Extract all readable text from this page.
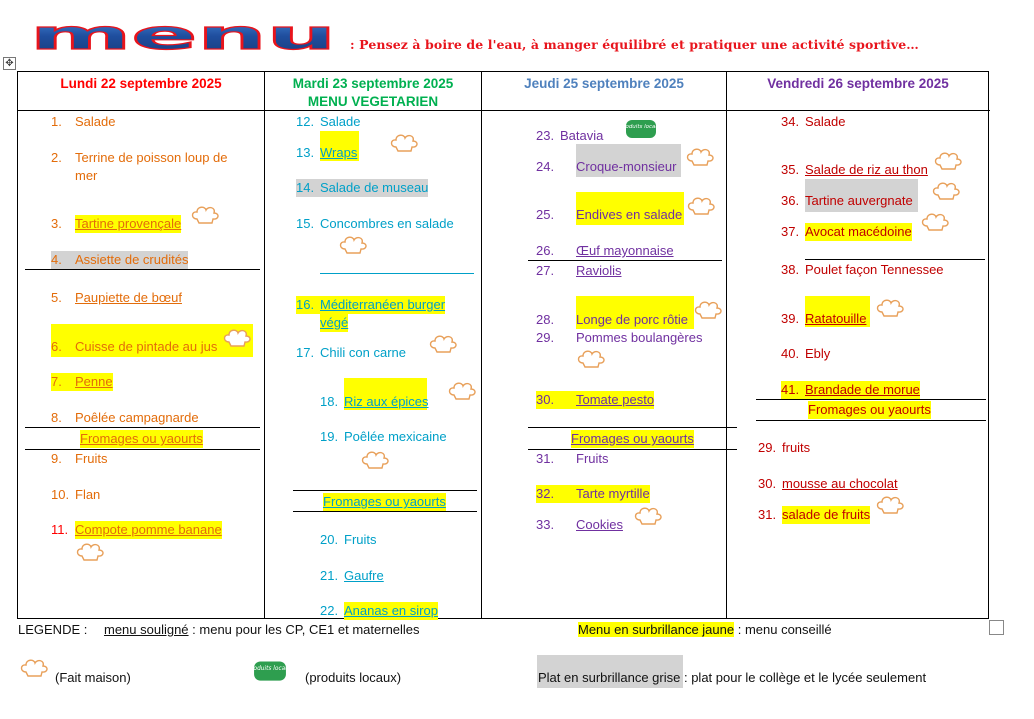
menu : Pensez à boire de l'eau, à manger équilibré et pratiquer une activité sportive…
✥
Lundi 22 septembre 2025
1. Salade
2. Terrine de poisson loup de
mer
3. Tartine provençale
4. Assiette de crudités
5. Paupiette de bœuf
6. Cuisse de pintade au jus
7. Penne
8. Poêlée campagnarde
Fromages ou yaourts
9. Fruits
10. Flan
11. Compote pomme banane
Mardi 23 septembre 2025
MENU VEGETARIEN
12. Salade
13. Wraps
14. Salade de museau
15. Concombres en salade
16. Méditerranéen burger
végé
17. Chili con carne
18. Riz aux épices
19. Poêlée mexicaine
Fromages ou yaourts
20. Fruits
21. Gaufre
22. Ananas en sirop
Jeudi 25 septembre 2025
23. Batavia
Produits locaux
24. Croque-monsieur
25. Endives en salade
26. Œuf mayonnaise
27. Raviolis
28. Longe de porc rôtie
29. Pommes boulangères
30. Tomate pesto
Fromages ou yaourts
31. Fruits
32. Tarte myrtille
33. Cookies
Vendredi 26 septembre 2025
34. Salade
35. Salade de riz au thon
36. Tartine auvergnate
37. Avocat macédoine
38. Poulet façon Tennessee
39. Ratatouille
40. Ebly
41. Brandade de morue
Fromages ou yaourts
29. fruits
30. mousse au chocolat
31. salade de fruits
LEGENDE : menu souligné : menu pour les CP, CE1 et maternelles	Menu en surbrillance jaune : menu conseillé
(Fait maison)
Produits locaux
(produits locaux)	Plat en surbrillance grise : plat pour le collège et le lycée seulement
